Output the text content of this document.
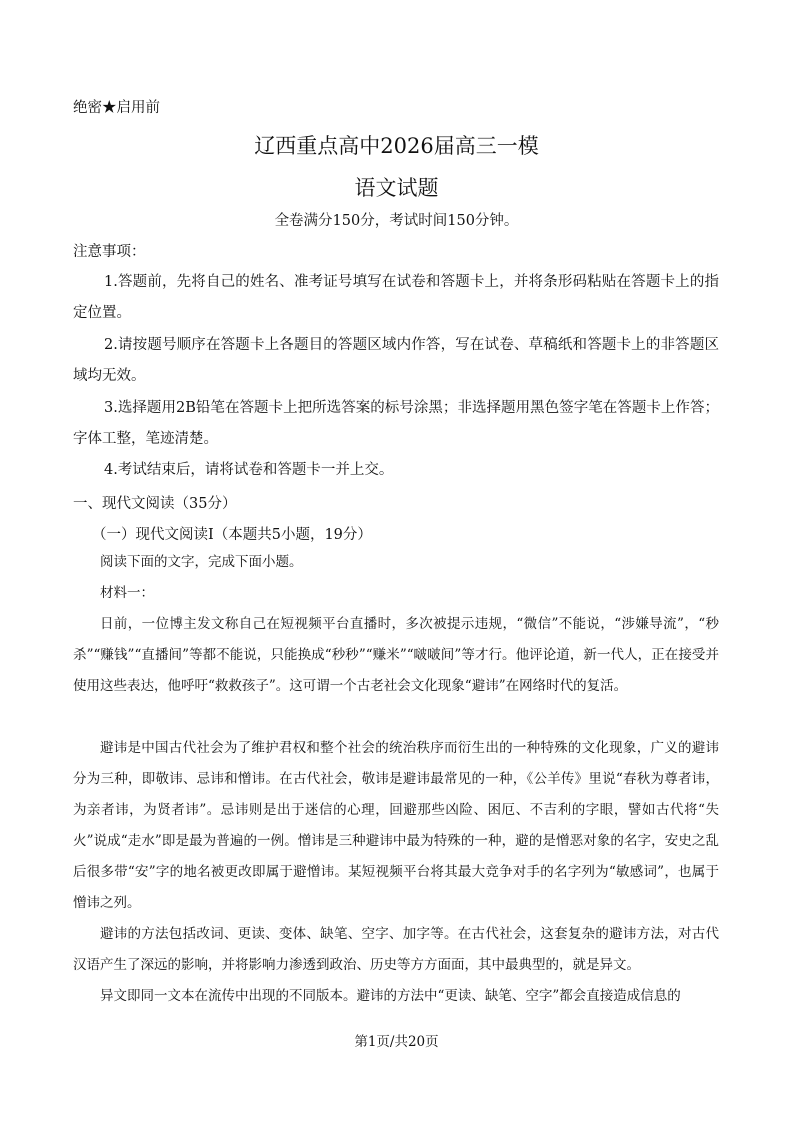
绝密★启用前
辽西重点高中2026届高三一模
语文试题
全卷满分150分，考试时间150分钟。
注意事项：
1.答题前，先将自己的姓名、准考证号填写在试卷和答题卡上，并将条形码粘贴在答题卡上的指定位置。
2.请按题号顺序在答题卡上各题目的答题区域内作答，写在试卷、草稿纸和答题卡上的非答题区域均无效。
3.选择题用2B铅笔在答题卡上把所选答案的标号涂黑；非选择题用黑色签字笔在答题卡上作答；字体工整，笔迹清楚。
4.考试结束后，请将试卷和答题卡一并上交。
一、现代文阅读（35分）
（一）现代文阅读Ⅰ（本题共5小题，19分）
阅读下面的文字，完成下面小题。
材料一：
日前，一位博主发文称自己在短视频平台直播时，多次被提示违规，“微信”不能说，“涉嫌导流”，“秒杀”“赚钱”“直播间”等都不能说，只能换成“秒秒”“赚米”“啵啵间”等才行。他评论道，新一代人，正在接受并使用这些表达，他呼吁“救救孩子”。这可谓一个古老社会文化现象“避讳”在网络时代的复活。
避讳是中国古代社会为了维护君权和整个社会的统治秩序而衍生出的一种特殊的文化现象，广义的避讳分为三种，即敬讳、忌讳和憎讳。在古代社会，敬讳是避讳最常见的一种，《公羊传》里说“春秋为尊者讳，为亲者讳，为贤者讳”。忌讳则是出于迷信的心理，回避那些凶险、困厄、不吉利的字眼，譬如古代将“失火”说成“走水”即是最为普遍的一例。憎讳是三种避讳中最为特殊的一种，避的是憎恶对象的名字，安史之乱后很多带“安”字的地名被更改即属于避憎讳。某短视频平台将其最大竞争对手的名字列为“敏感词”，也属于憎讳之列。
避讳的方法包括改词、更读、变体、缺笔、空字、加字等。在古代社会，这套复杂的避讳方法，对古代汉语产生了深远的影响，并将影响力渗透到政治、历史等方方面面，其中最典型的，就是异文。
异文即同一文本在流传中出现的不同版本。避讳的方法中“更读、缺笔、空字”都会直接造成信息的
第1页/共20页
